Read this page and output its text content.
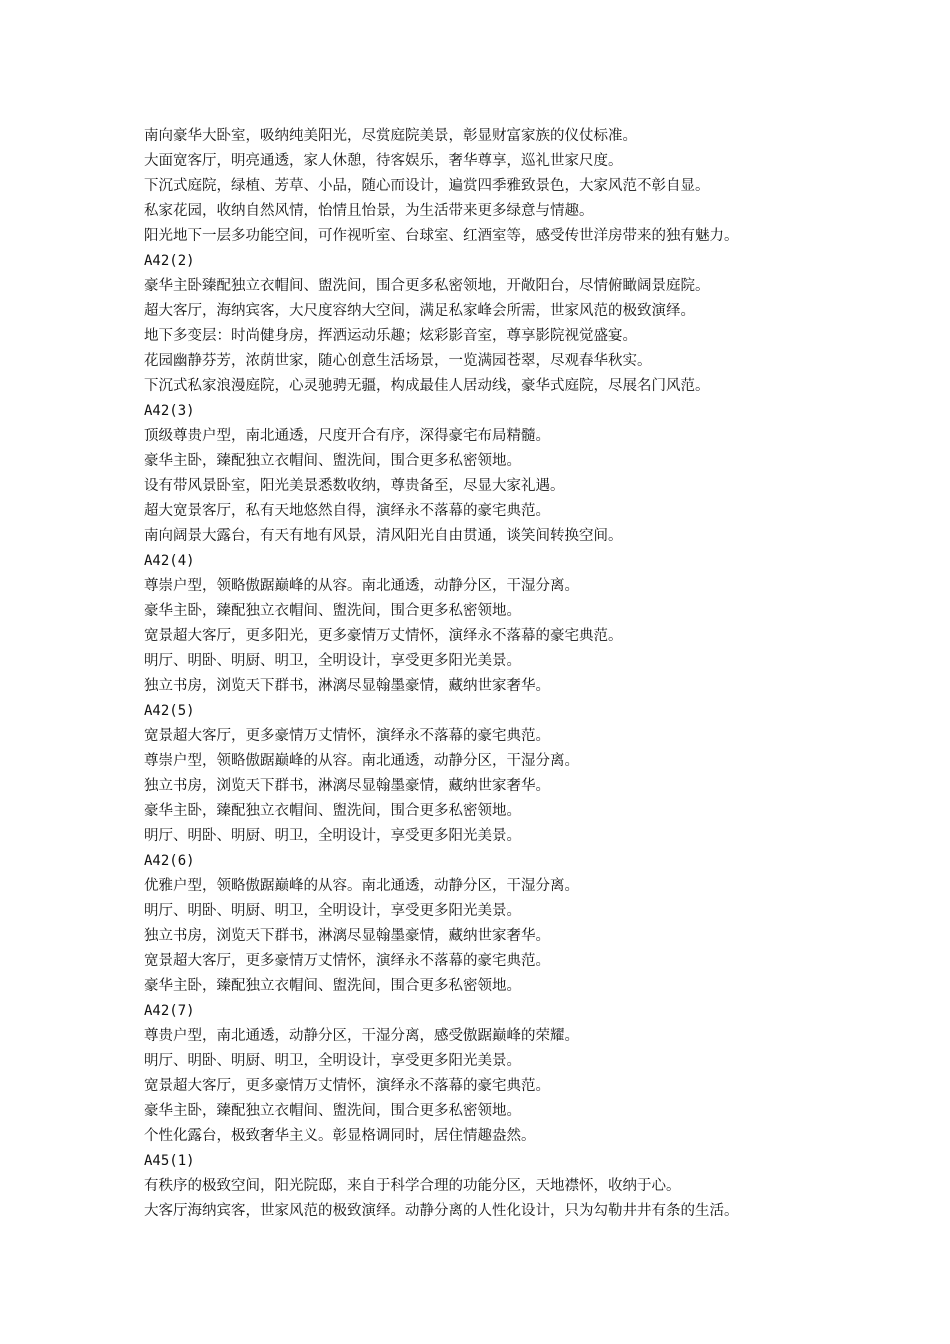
南向豪华大卧室，吸纳纯美阳光，尽赏庭院美景，彰显财富家族的仪仗标准。
大面宽客厅，明亮通透，家人休憩，待客娱乐，奢华尊享，巡礼世家尺度。
下沉式庭院，绿植、芳草、小品，随心而设计，遍赏四季雅致景色，大家风范不彰自显。
私家花园，收纳自然风情，怡情且怡景，为生活带来更多绿意与情趣。
阳光地下一层多功能空间，可作视听室、台球室、红酒室等，感受传世洋房带来的独有魅力。
A42(2)
豪华主卧臻配独立衣帽间、盥洗间，围合更多私密领地，开敞阳台，尽情俯瞰阔景庭院。
超大客厅，海纳宾客，大尺度容纳大空间，满足私家峰会所需，世家风范的极致演绎。
地下多变层：时尚健身房，挥洒运动乐趣；炫彩影音室，尊享影院视觉盛宴。
花园幽静芬芳，浓荫世家，随心创意生活场景，一览满园苍翠，尽观春华秋实。
下沉式私家浪漫庭院，心灵驰骋无疆，构成最佳人居动线，豪华式庭院，尽展名门风范。
A42(3)
顶级尊贵户型，南北通透，尺度开合有序，深得豪宅布局精髓。
豪华主卧，臻配独立衣帽间、盥洗间，围合更多私密领地。
设有带风景卧室，阳光美景悉数收纳，尊贵备至，尽显大家礼遇。
超大宽景客厅，私有天地悠然自得，演绎永不落幕的豪宅典范。
南向阔景大露台，有天有地有风景，清风阳光自由贯通，谈笑间转换空间。
A42(4)
尊崇户型，领略傲踞巅峰的从容。南北通透，动静分区，干湿分离。
豪华主卧，臻配独立衣帽间、盥洗间，围合更多私密领地。
宽景超大客厅，更多阳光，更多豪情万丈情怀，演绎永不落幕的豪宅典范。
明厅、明卧、明厨、明卫，全明设计，享受更多阳光美景。
独立书房，浏览天下群书，淋漓尽显翰墨豪情，藏纳世家奢华。
A42(5)
宽景超大客厅，更多豪情万丈情怀，演绎永不落幕的豪宅典范。
尊崇户型，领略傲踞巅峰的从容。南北通透，动静分区，干湿分离。
独立书房，浏览天下群书，淋漓尽显翰墨豪情，藏纳世家奢华。
豪华主卧，臻配独立衣帽间、盥洗间，围合更多私密领地。
明厅、明卧、明厨、明卫，全明设计，享受更多阳光美景。
A42(6)
优雅户型，领略傲踞巅峰的从容。南北通透，动静分区，干湿分离。
明厅、明卧、明厨、明卫，全明设计，享受更多阳光美景。
独立书房，浏览天下群书，淋漓尽显翰墨豪情，藏纳世家奢华。
宽景超大客厅，更多豪情万丈情怀，演绎永不落幕的豪宅典范。
豪华主卧，臻配独立衣帽间、盥洗间，围合更多私密领地。
A42(7)
尊贵户型，南北通透，动静分区，干湿分离，感受傲踞巅峰的荣耀。
明厅、明卧、明厨、明卫，全明设计，享受更多阳光美景。
宽景超大客厅，更多豪情万丈情怀，演绎永不落幕的豪宅典范。
豪华主卧，臻配独立衣帽间、盥洗间，围合更多私密领地。
个性化露台，极致奢华主义。彰显格调同时，居住情趣盎然。
A45(1)
有秩序的极致空间，阳光院邸，来自于科学合理的功能分区，天地襟怀，收纳于心。
大客厅海纳宾客，世家风范的极致演绎。动静分离的人性化设计，只为勾勒井井有条的生活。
